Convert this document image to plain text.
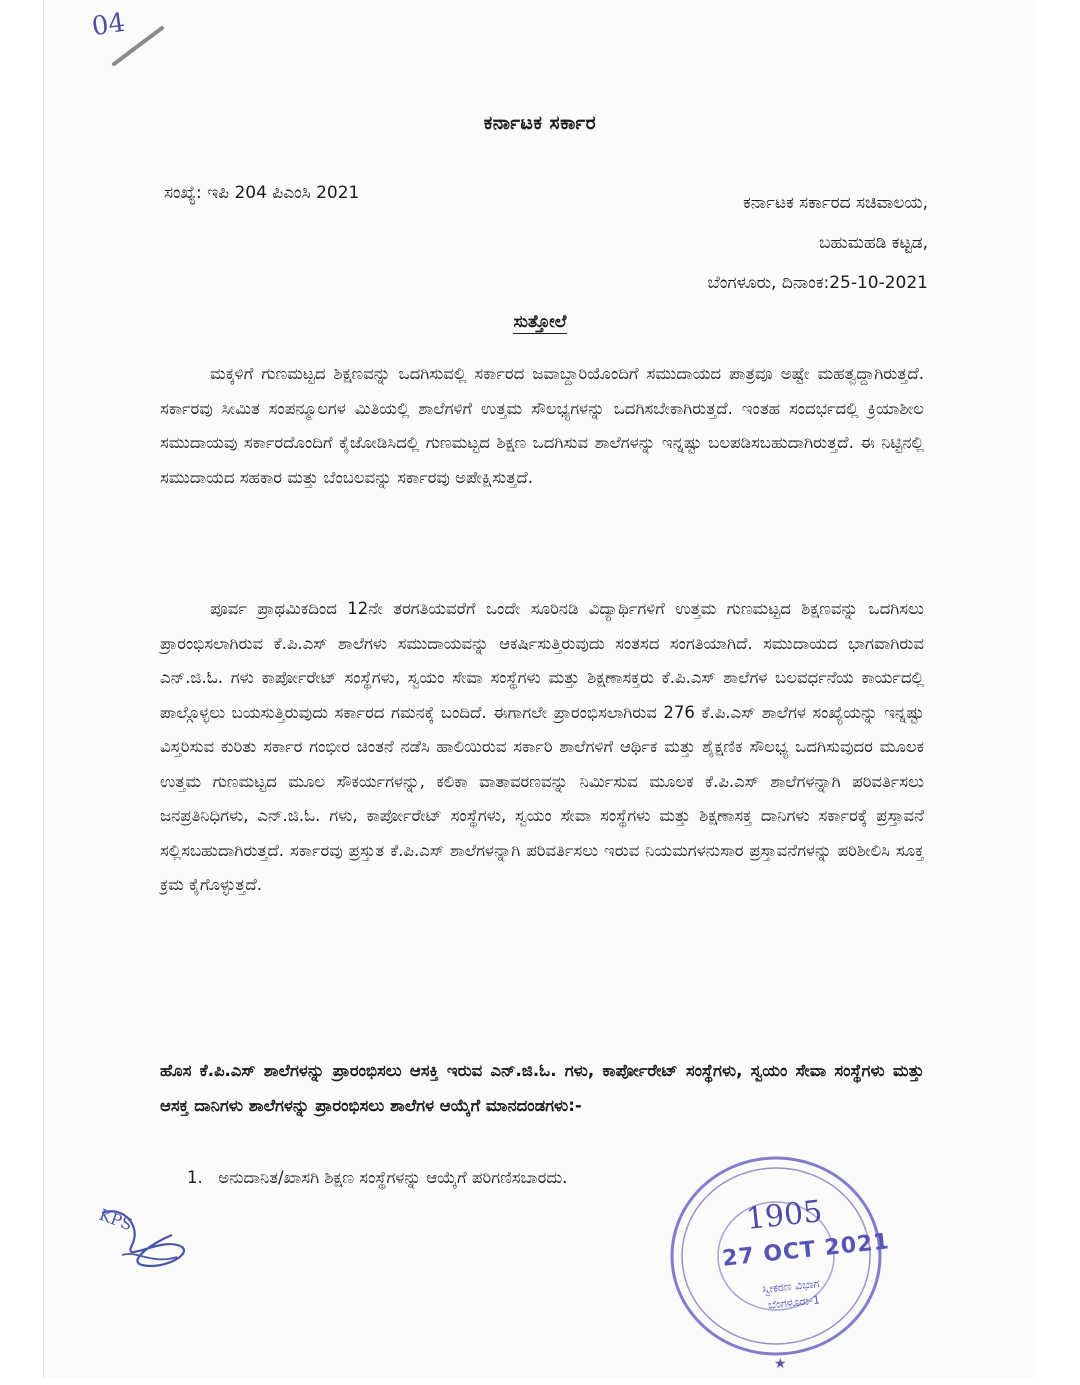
04
ಕರ್ನಾಟಕ ಸರ್ಕಾರ
ಸಂಖ್ಯೆ: ಇಪಿ 204 ಪಿಎಂಸಿ 2021	ಕರ್ನಾಟಕ ಸರ್ಕಾರದ ಸಚಿವಾಲಯ,
ಬಹುಮಹಡಿ ಕಟ್ಟಡ,
ಬೆಂಗಳೂರು, ದಿನಾಂಕ:25-10-2021
ಸುತ್ತೋಲೆ
ಮಕ್ಕಳಿಗೆ ಗುಣಮಟ್ಟದ ಶಿಕ್ಷಣವನ್ನು ಒದಗಿಸುವಲ್ಲಿ ಸರ್ಕಾರದ ಜವಾಬ್ದಾರಿಯೊಂದಿಗೆ ಸಮುದಾಯದ ಪಾತ್ರವೂ ಅಷ್ಟೇ ಮಹತ್ವದ್ದಾಗಿರುತ್ತದೆ. ಸರ್ಕಾರವು ಸೀಮಿತ ಸಂಪನ್ಮೂಲಗಳ ಮಿತಿಯಲ್ಲಿ ಶಾಲೆಗಳಿಗೆ ಉತ್ತಮ ಸೌಲಭ್ಯಗಳನ್ನು ಒದಗಿಸಬೇಕಾಗಿರುತ್ತದೆ. ಇಂತಹ ಸಂದರ್ಭದಲ್ಲಿ ಕ್ರಿಯಾಶೀಲ ಸಮುದಾಯವು ಸರ್ಕಾರದೊಂದಿಗೆ ಕೈಜೋಡಿಸಿದಲ್ಲಿ ಗುಣಮಟ್ಟದ ಶಿಕ್ಷಣ ಒದಗಿಸುವ ಶಾಲೆಗಳನ್ನು ಇನ್ನಷ್ಟು ಬಲಪಡಿಸಬಹುದಾಗಿರುತ್ತದೆ. ಈ ನಿಟ್ಟಿನಲ್ಲಿ ಸಮುದಾಯದ ಸಹಕಾರ ಮತ್ತು ಬೆಂಬಲವನ್ನು ಸರ್ಕಾರವು ಅಪೇಕ್ಷಿಸುತ್ತದೆ.
ಪೂರ್ವ ಪ್ರಾಥಮಿಕದಿಂದ 12ನೇ ತರಗತಿಯವರೆಗೆ ಒಂದೇ ಸೂರಿನಡಿ ವಿದ್ಯಾರ್ಥಿಗಳಿಗೆ ಉತ್ತಮ ಗುಣಮಟ್ಟದ ಶಿಕ್ಷಣವನ್ನು ಒದಗಿಸಲು ಪ್ರಾರಂಭಿಸಲಾಗಿರುವ ಕೆ.ಪಿ.ಎಸ್ ಶಾಲೆಗಳು ಸಮುದಾಯವನ್ನು ಆಕರ್ಷಿಸುತ್ತಿರುವುದು ಸಂತಸದ ಸಂಗತಿಯಾಗಿದೆ. ಸಮುದಾಯದ ಭಾಗವಾಗಿರುವ ಎನ್.ಜಿ.ಓ. ಗಳು ಕಾರ್ಪೋರೇಟ್ ಸಂಸ್ಥೆಗಳು, ಸ್ವಯಂ ಸೇವಾ ಸಂಸ್ಥೆಗಳು ಮತ್ತು ಶಿಕ್ಷಣಾಸಕ್ತರು ಕೆ.ಪಿ.ಎಸ್ ಶಾಲೆಗಳ ಬಲವರ್ಧನೆಯ ಕಾರ್ಯದಲ್ಲಿ ಪಾಲ್ಗೊಳ್ಳಲು ಬಯಸುತ್ತಿರುವುದು ಸರ್ಕಾರದ ಗಮನಕ್ಕೆ ಬಂದಿದೆ. ಈಗಾಗಲೇ ಪ್ರಾರಂಭಿಸಲಾಗಿರುವ 276 ಕೆ.ಪಿ.ಎಸ್ ಶಾಲೆಗಳ ಸಂಖ್ಯೆಯನ್ನು ಇನ್ನಷ್ಟು ವಿಸ್ತರಿಸುವ ಕುರಿತು ಸರ್ಕಾರ ಗಂಭೀರ ಚಿಂತನೆ ನಡೆಸಿ ಹಾಲಿಯಿರುವ ಸರ್ಕಾರಿ ಶಾಲೆಗಳಿಗೆ ಆರ್ಥಿಕ ಮತ್ತು ಶೈಕ್ಷಣಿಕ ಸೌಲಭ್ಯ ಒದಗಿಸುವುದರ ಮೂಲಕ ಉತ್ತಮ ಗುಣಮಟ್ಟದ ಮೂಲ ಸೌಕರ್ಯಗಳನ್ನು, ಕಲಿಕಾ ವಾತಾವರಣವನ್ನು ನಿರ್ಮಿಸುವ ಮೂಲಕ ಕೆ.ಪಿ.ಎಸ್ ಶಾಲೆಗಳನ್ನಾಗಿ ಪರಿವರ್ತಿಸಲು ಜನಪ್ರತಿನಿಧಿಗಳು, ಎನ್.ಜಿ.ಓ. ಗಳು, ಕಾರ್ಪೋರೇಟ್ ಸಂಸ್ಥೆಗಳು, ಸ್ವಯಂ ಸೇವಾ ಸಂಸ್ಥೆಗಳು ಮತ್ತು ಶಿಕ್ಷಣಾಸಕ್ತ ದಾನಿಗಳು ಸರ್ಕಾರಕ್ಕೆ ಪ್ರಸ್ತಾವನೆ ಸಲ್ಲಿಸಬಹುದಾಗಿರುತ್ತದೆ. ಸರ್ಕಾರವು ಪ್ರಸ್ತುತ ಕೆ.ಪಿ.ಎಸ್ ಶಾಲೆಗಳನ್ನಾಗಿ ಪರಿವರ್ತಿಸಲು ಇರುವ ನಿಯಮಗಳನುಸಾರ ಪ್ರಸ್ತಾವನೆಗಳನ್ನು ಪರಿಶೀಲಿಸಿ ಸೂಕ್ತ ಕ್ರಮ ಕೈಗೊಳ್ಳುತ್ತದೆ.
ಹೊಸ ಕೆ.ಪಿ.ಎಸ್ ಶಾಲೆಗಳನ್ನು ಪ್ರಾರಂಭಿಸಲು ಆಸಕ್ತಿ ಇರುವ ಎನ್.ಜಿ.ಓ. ಗಳು, ಕಾರ್ಪೋರೇಟ್ ಸಂಸ್ಥೆಗಳು, ಸ್ವಯಂ ಸೇವಾ ಸಂಸ್ಥೆಗಳು ಮತ್ತು ಆಸಕ್ತ ದಾನಿಗಳು ಶಾಲೆಗಳನ್ನು ಪ್ರಾರಂಭಿಸಲು ಶಾಲೆಗಳ ಆಯ್ಕೆಗೆ ಮಾನದಂಡಗಳು:-
1. ಅನುದಾನಿತ/ಖಾಸಗಿ ಶಿಕ್ಷಣ ಸಂಸ್ಥೆಗಳನ್ನು ಆಯ್ಕೆಗೆ ಪರಿಗಣಿಸಬಾರದು.
KPS	1905
27 OCT 2021
ಸ್ವೀಕರಣ ವಿಭಾಗ
ಬೆಂಗಳೂರು-1
★
